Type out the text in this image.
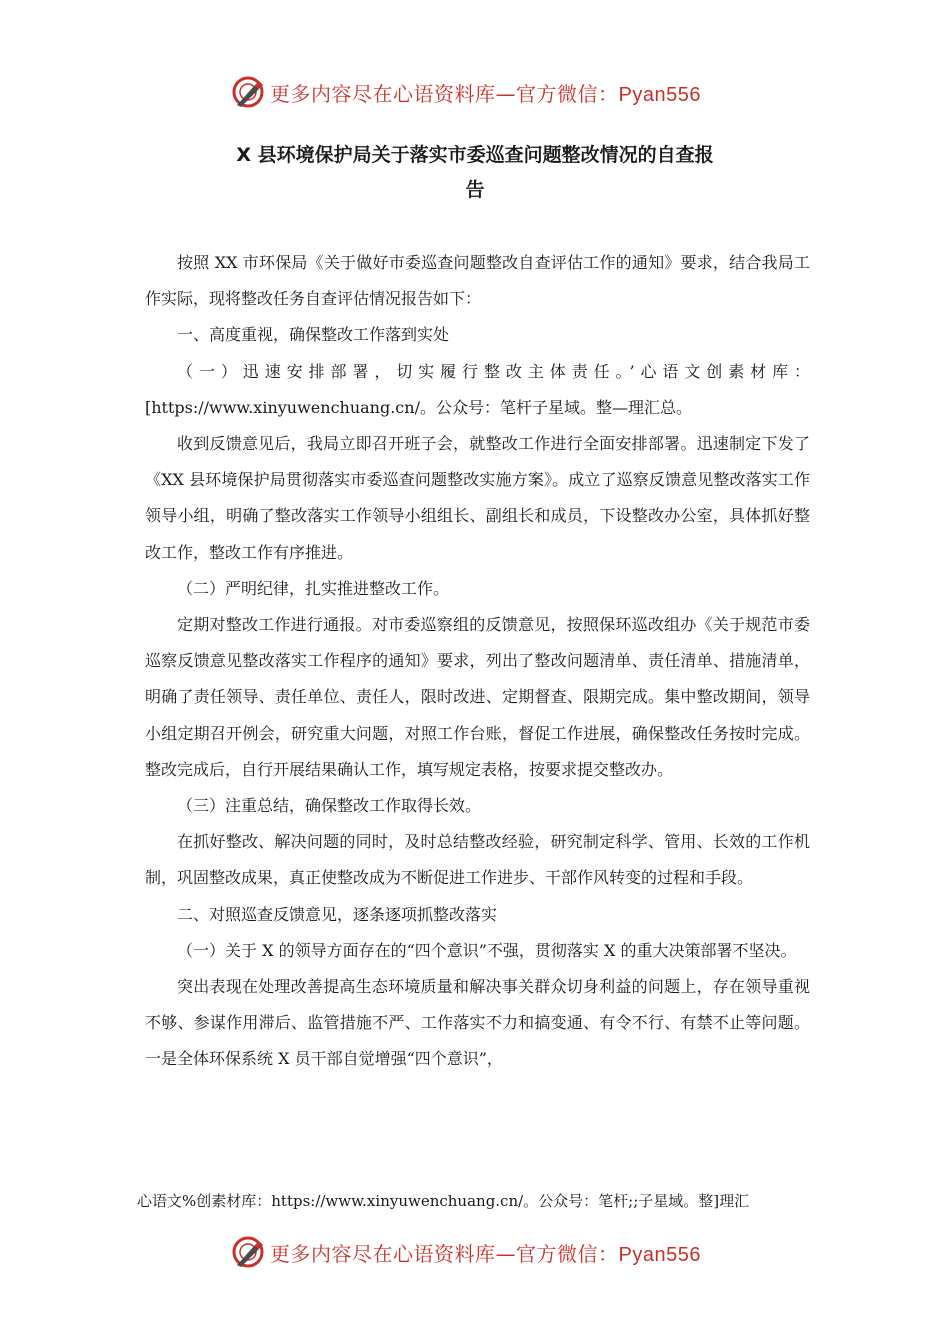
更多内容尽在心语资料库—官方微信：Pyan556
X 县环境保护局关于落实市委巡查问题整改情况的自查报
告

按照 XX 市环保局《关于做好市委巡查问题整改自查评估工作的通知》要求，结合我局工作实际，现将整改任务自查评估情况报告如下：

一、高度重视，确保整改工作落到实处

（一）迅速安排部署，切实履行整改主体责任。’心语文创素材库：[https://www.xinyuwenchuang.cn/。公众号：笔杆子星域。整—理汇总。

收到反馈意见后，我局立即召开班子会，就整改工作进行全面安排部署。迅速制定下发了《XX 县环境保护局贯彻落实市委巡查问题整改实施方案》。成立了巡察反馈意见整改落实工作领导小组，明确了整改落实工作领导小组组长、副组长和成员，下设整改办公室，具体抓好整改工作，整改工作有序推进。

（二）严明纪律，扎实推进整改工作。

定期对整改工作进行通报。对市委巡察组的反馈意见，按照保环巡改组办《关于规范市委巡察反馈意见整改落实工作程序的通知》要求，列出了整改问题清单、责任清单、措施清单，明确了责任领导、责任单位、责任人，限时改进、定期督查、限期完成。集中整改期间，领导小组定期召开例会，研究重大问题，对照工作台账，督促工作进展，确保整改任务按时完成。整改完成后，自行开展结果确认工作，填写规定表格，按要求提交整改办。

（三）注重总结，确保整改工作取得长效。

在抓好整改、解决问题的同时，及时总结整改经验，研究制定科学、管用、长效的工作机制，巩固整改成果，真正使整改成为不断促进工作进步、干部作风转变的过程和手段。

二、对照巡查反馈意见，逐条逐项抓整改落实

（一）关于 X 的领导方面存在的“四个意识”不强，贯彻落实 X 的重大决策部署不坚决。

突出表现在处理改善提高生态环境质量和解决事关群众切身利益的问题上，存在领导重视不够、参谋作用滞后、监管措施不严、工作落实不力和搞变通、有令不行、有禁不止等问题。一是全体环保系统 X 员干部自觉增强“四个意识”，

心语文%创素材库：https://www.xinyuwenchuang.cn/。公众号：笔杆;;子星域。整]理汇
更多内容尽在心语资料库—官方微信：Pyan556
